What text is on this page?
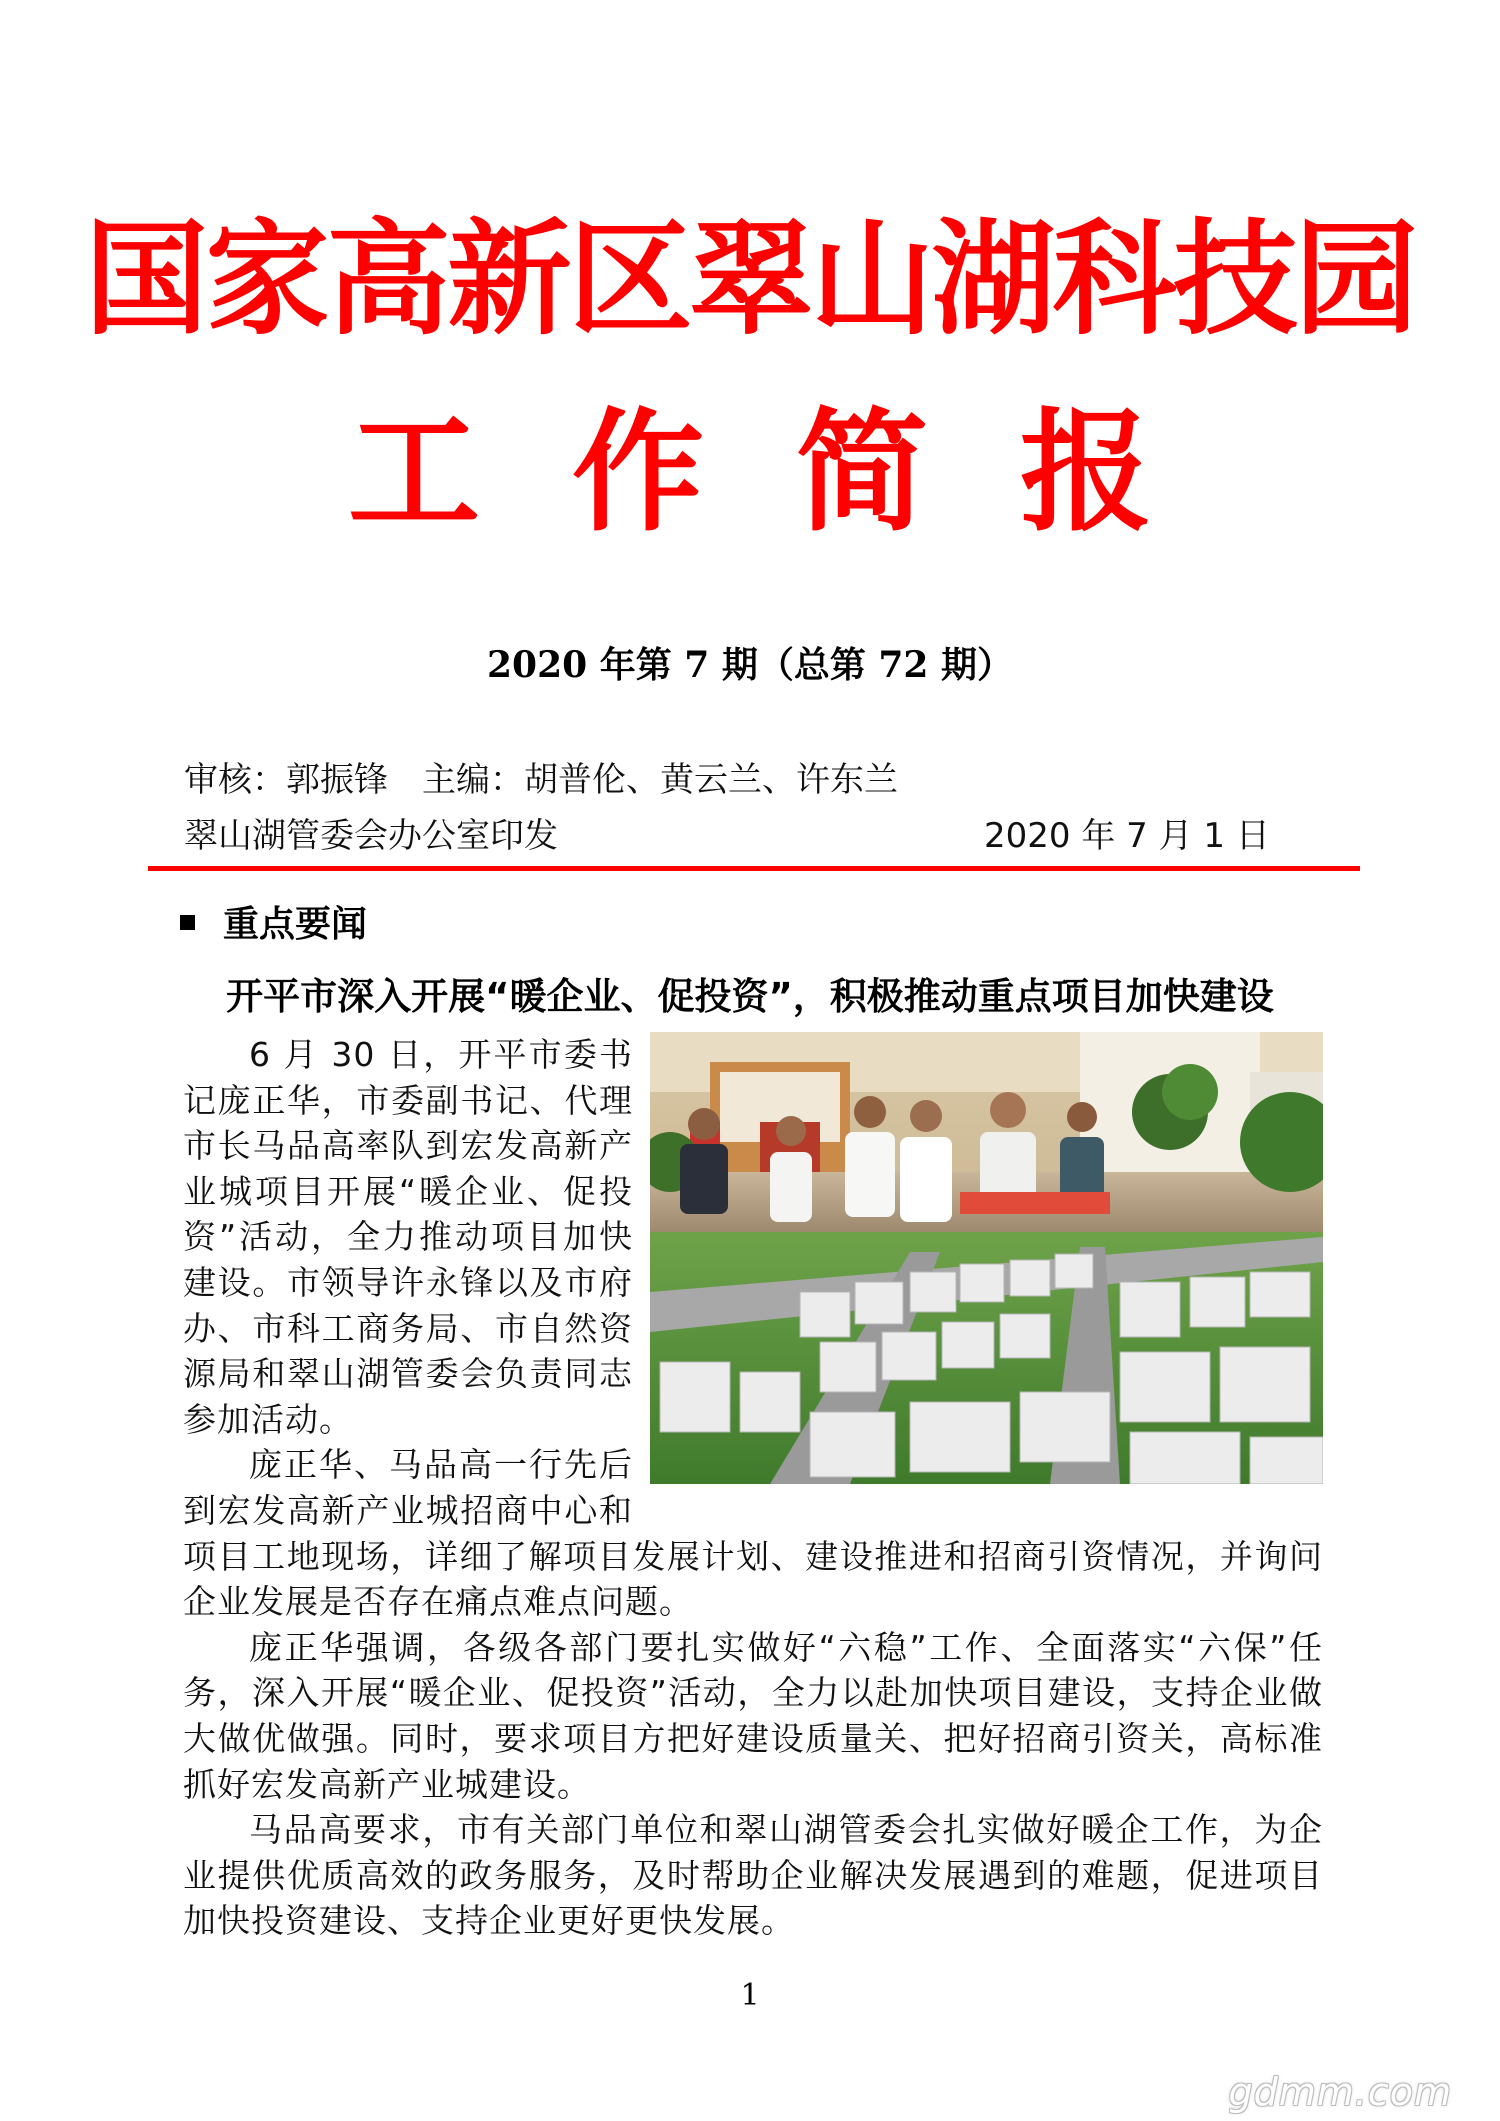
国家高新区翠山湖科技园
工作简报
2020 年第 7 期（总第 72 期）
审核：郭振锋　主编：胡普伦、黄云兰、许东兰
翠山湖管委会办公室印发	2020 年 7 月 1 日
重点要闻
开平市深入开展“暖企业、促投资”，积极推动重点项目加快建设

6 月 30 日，开平市委书记庞正华，市委副书记、代理市长马品高率队到宏发高新产业城项目开展“暖企业、促投资”活动，全力推动项目加快建设。市领导许永锋以及市府办、市科工商务局、市自然资源局和翠山湖管委会负责同志参加活动。

庞正华、马品高一行先后到宏发高新产业城招商中心和项目工地现场，详细了解项目发展计划、建设推进和招商引资情况，并询问企业发展是否存在痛点难点问题。

庞正华强调，各级各部门要扎实做好“六稳”工作、全面落实“六保”任务，深入开展“暖企业、促投资”活动，全力以赴加快项目建设，支持企业做大做优做强。同时，要求项目方把好建设质量关、把好招商引资关，高标准抓好宏发高新产业城建设。

马品高要求，市有关部门单位和翠山湖管委会扎实做好暖企工作，为企业提供优质高效的政务服务，及时帮助企业解决发展遇到的难题，促进项目加快投资建设、支持企业更好更快发展。

1
gdmm.com
